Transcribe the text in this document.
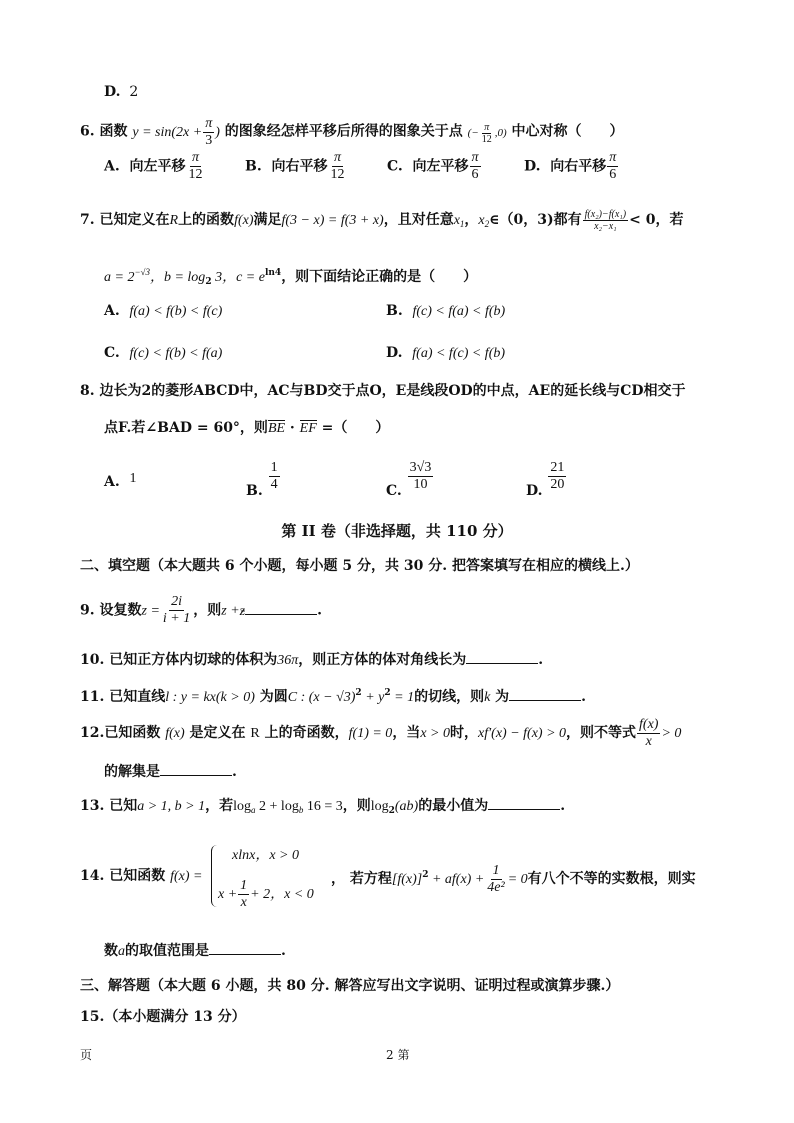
D. 2
6. 函数 $y = \sin(2x + \frac{\pi}{3}$ ) 的图象经怎样平移后所得的图象关于点 (− $\frac{\pi}{12} ,0$) 中心对称（　　）
A. 向左平移 $\frac{\pi}{12}$	B. 向右平移 $\frac{\pi}{12}$	C. 向左平移 $\frac{\pi}{6}$	D. 向右平移 $\frac{\pi}{6}$
7. 已知定义在R上的函数f(x)满足f(3 − x) = f(3 + x)，且对任意$x_1$，$x_2\in(0$，3)都有 $\frac{\text{f(x₂)−f(x₁)}}{\text{x₂−x₁}} < 0$，若
$a = 2^{-√3}$，$b = \log_2 3$，$c = e^{ln4}$，则下面结论正确的是（　　）
A. f(a) < f(b) < f(c)	B. f(c) < f(a) < f(b)
C. f(c) < f(b) < f(a)	D. f(a) < f(c) < f(b)
8. 边长为2的菱形ABCD中，AC与BD交于点O，E是线段OD的中点，AE的延长线与CD相交于
点F.若∠BAD = 60°，则BE · EF =（　　）
A. 1
B. $\frac{1}{4}$	C. $\frac{3√3}{10}$	D. $\frac{21}{20}$
第 II 卷（非选择题，共 110 分）
二、填空题（本大题共 6 个小题，每小题 5 分，共 30 分. 把答案填写在相应的横线上.）
9. 设复数$z = \frac{2i}{i + 1}$ ，则z +- z	.
10. 已知正方体内切球的体积为36π，则正方体的体对角线长为	.
11. 已知直线l : y = kx(k > 0) 为圆C : $(x - √3)^2 + y^2 = 1$的切线，则k 为	.
12.已知函数 f(x) 是定义在 R 上的奇函数，f(1) = 0，当x > 0时，xf′(x) − f(x) > 0，则不等式 $\frac{f(x)}{x} > 0$
的解集是	.
13. 已知a > 1, b > 1，若$\log_a 2 + \log_b 16 = 3$，则$\log_2(ab)$的最小值为	.
14. 已知函数 f(x) =
xlnx，x > 0
$x + \frac{1}{x} + 2$，x < 0
， 若方程$[f(x)]^2 + af(x) + \frac{1}{\text{4e²}} = 0$有八个不等的实数根，则实
数a的取值范围是	.
三、解答题（本大题 6 小题，共 80 分. 解答应写出文字说明、证明过程或演算步骤.）
15.（本小题满分 13 分）
页	2 第
